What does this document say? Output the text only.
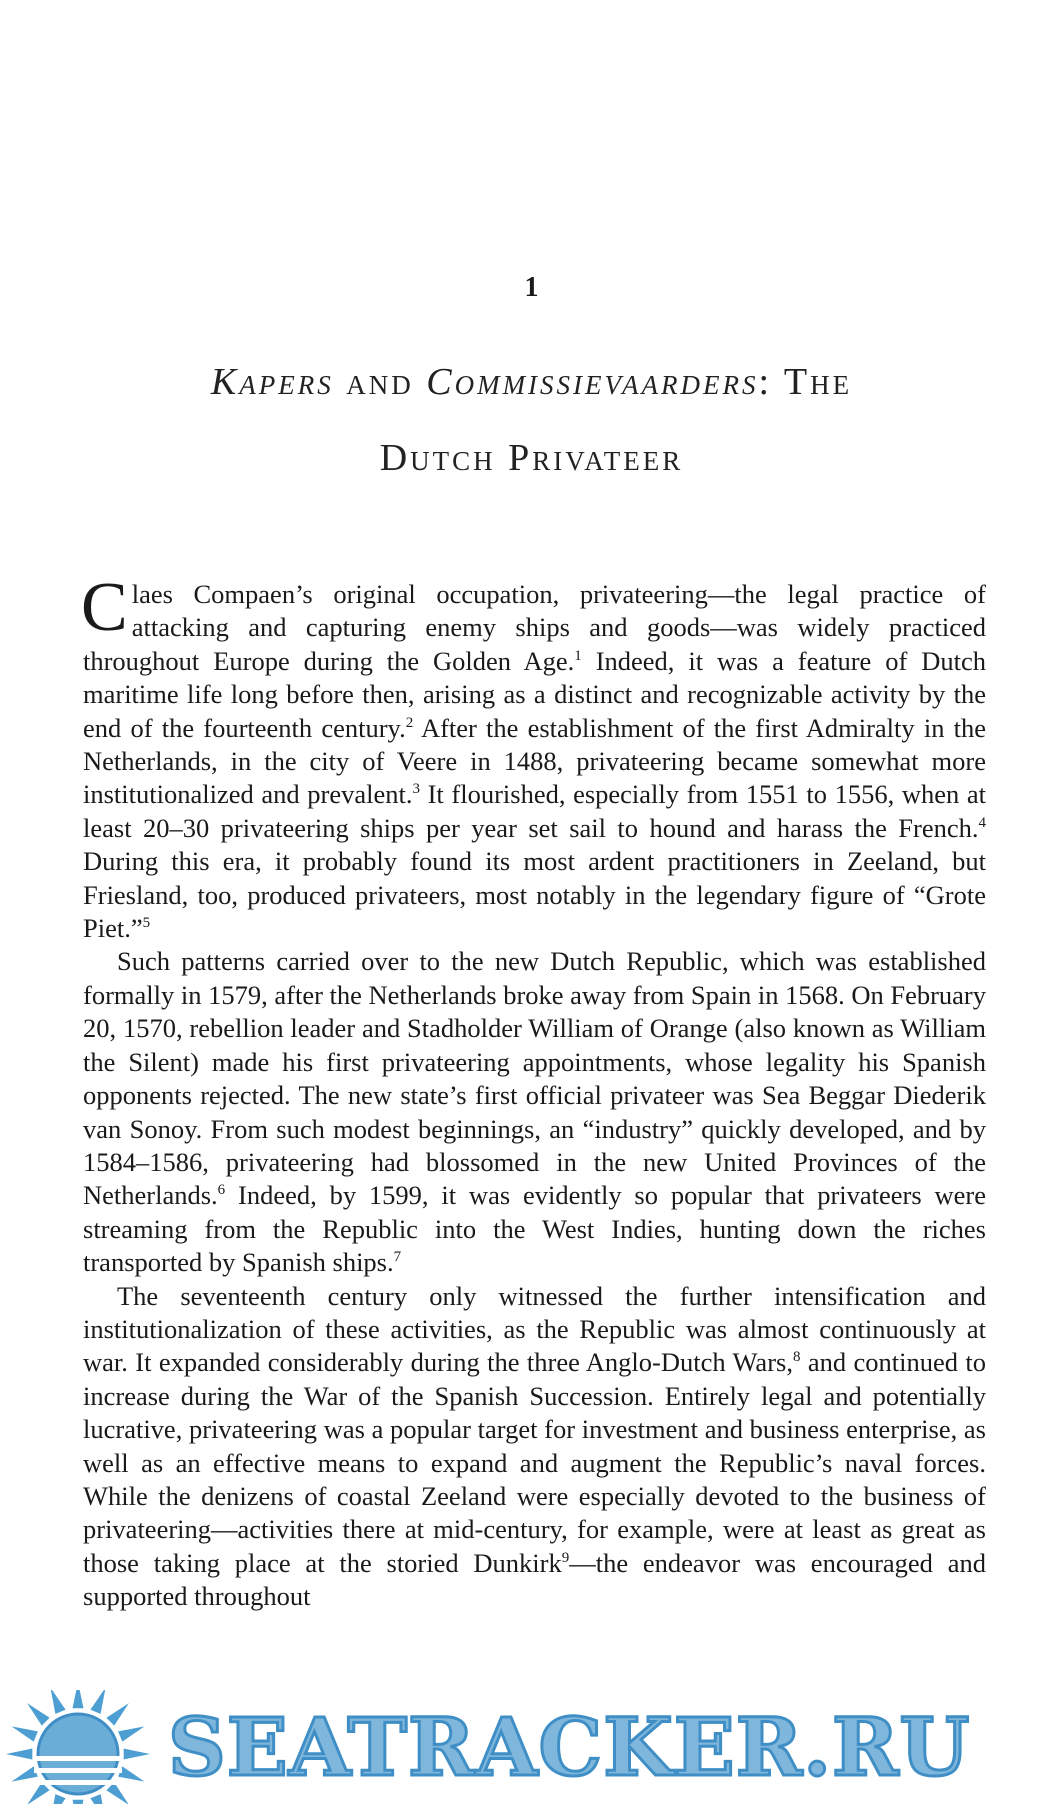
1
Kapers and Commissievaarders: The
Dutch Privateer

Claes Compaen’s original occupation, privateering—the legal practice of attacking and capturing enemy ships and goods—was widely practiced throughout Europe during the Golden Age.$^1$ Indeed, it was a feature of Dutch maritime life long before then, arising as a distinct and recognizable activity by the end of the fourteenth century.$^2$ After the establishment of the first Admiralty in the Netherlands, in the city of Veere in 1488, privateering became somewhat more institutionalized and prevalent.$^3$ It flourished, especially from 1551 to 1556, when at least 20–30 privateering ships per year set sail to hound and harass the French.$^4$ During this era, it probably found its most ardent practitioners in Zeeland, but Friesland, too, produced privateers, most notably in the legendary figure of “Grote Piet.”$^5$

Such patterns carried over to the new Dutch Republic, which was established formally in 1579, after the Netherlands broke away from Spain in 1568. On February 20, 1570, rebellion leader and Stadholder William of Orange (also known as William the Silent) made his first privateering appointments, whose legality his Spanish opponents rejected. The new state’s first official privateer was Sea Beggar Diederik van Sonoy. From such modest beginnings, an “industry” quickly developed, and by 1584–1586, privateering had blossomed in the new United Provinces of the Netherlands.$^6$ Indeed, by 1599, it was evidently so popular that privateers were streaming from the Republic into the West Indies, hunting down the riches transported by Spanish ships.$^7$

The seventeenth century only witnessed the further intensification and institutionalization of these activities, as the Republic was almost continuously at war. It expanded considerably during the three Anglo-Dutch Wars,$^8$ and continued to increase during the War of the Spanish Succession. Entirely legal and potentially lucrative, privateering was a popular target for investment and business enterprise, as well as an effective means to expand and augment the Republic’s naval forces. While the denizens of coastal Zeeland were especially devoted to the business of privateering—activities there at mid-century, for example, were at least as great as those taking place at the storied Dunkirk$^9$—the endeavor was encouraged and supported throughout

SEATRACKER.RU
